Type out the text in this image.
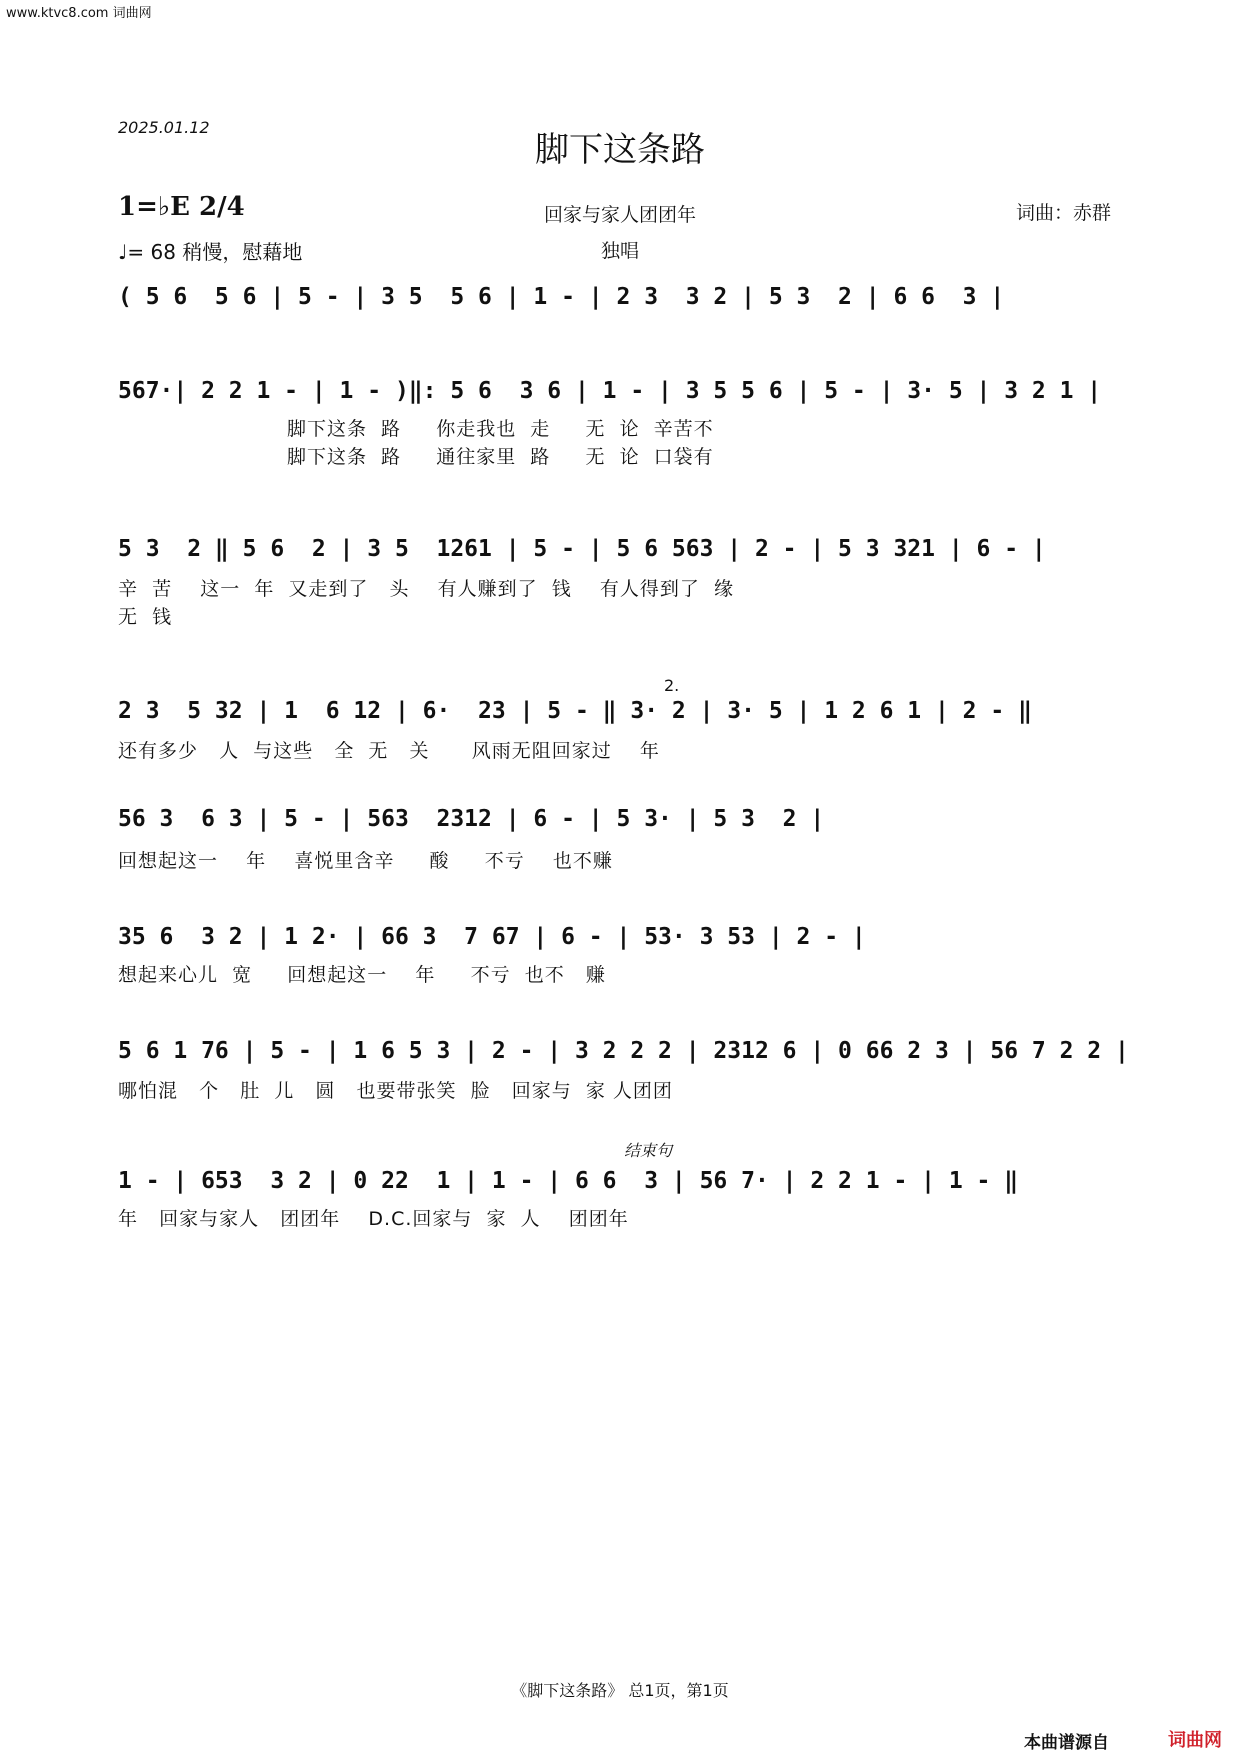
www.ktvc8.com 词曲网
2025.01.12
脚下这条路
1=♭E 2/4
♩= 68 稍慢，慰藉地
回家与家人团团年
独唱
词曲：赤群
( 5 6  5 6 | 5 - | 3 5  5 6 | 1 - | 2 3  3 2 | 5 3  2 | 6 6  3 |
567·| 2 2 1 - | 1 - )‖: 5 6  3 6 | 1 - | 3 5 5 6 | 5 - | 3· 5 | 3 2 1 |
脚下这条  路     你走我也  走     无  论  辛苦不
脚下这条  路     通往家里  路     无  论  口袋有
5 3  2 ‖ 5 6  2 | 3 5  1261 | 5 - | 5 6 563 | 2 - | 5 3 321 | 6 - |
辛  苦    这一  年  又走到了   头    有人赚到了  钱    有人得到了  缘
无  钱
2.
2 3  5 32 | 1  6 12 | 6·  23 | 5 - ‖ 3· 2 | 3· 5 | 1 2 6 1 | 2 - ‖
还有多少   人  与这些   全  无   关      风雨无阻回家过    年
56 3  6 3 | 5 - | 563  2312 | 6 - | 5 3· | 5 3  2 |
回想起这一    年    喜悦里含辛     酸     不亏    也不赚
35 6  3 2 | 1 2· | 66 3  7 67 | 6 - | 53· 3 53 | 2 - |
想起来心儿  宽     回想起这一    年     不亏  也不   赚
5 6 1 76 | 5 - | 1 6 5 3 | 2 - | 3 2 2 2 | 2312 6 | 0 66 2 3 | 56 7 2 2 |
哪怕混   个   肚  儿   圆   也要带张笑  脸   回家与  家 人团团
结束句
1 - | 653  3 2 | 0 22  1 | 1 - | 6 6  3 | 56 7· | 2 2 1 - | 1 - ‖
年   回家与家人   团团年    D.C.回家与  家  人    团团年
《脚下这条路》 总1页，第1页
本曲谱源自	词曲网
